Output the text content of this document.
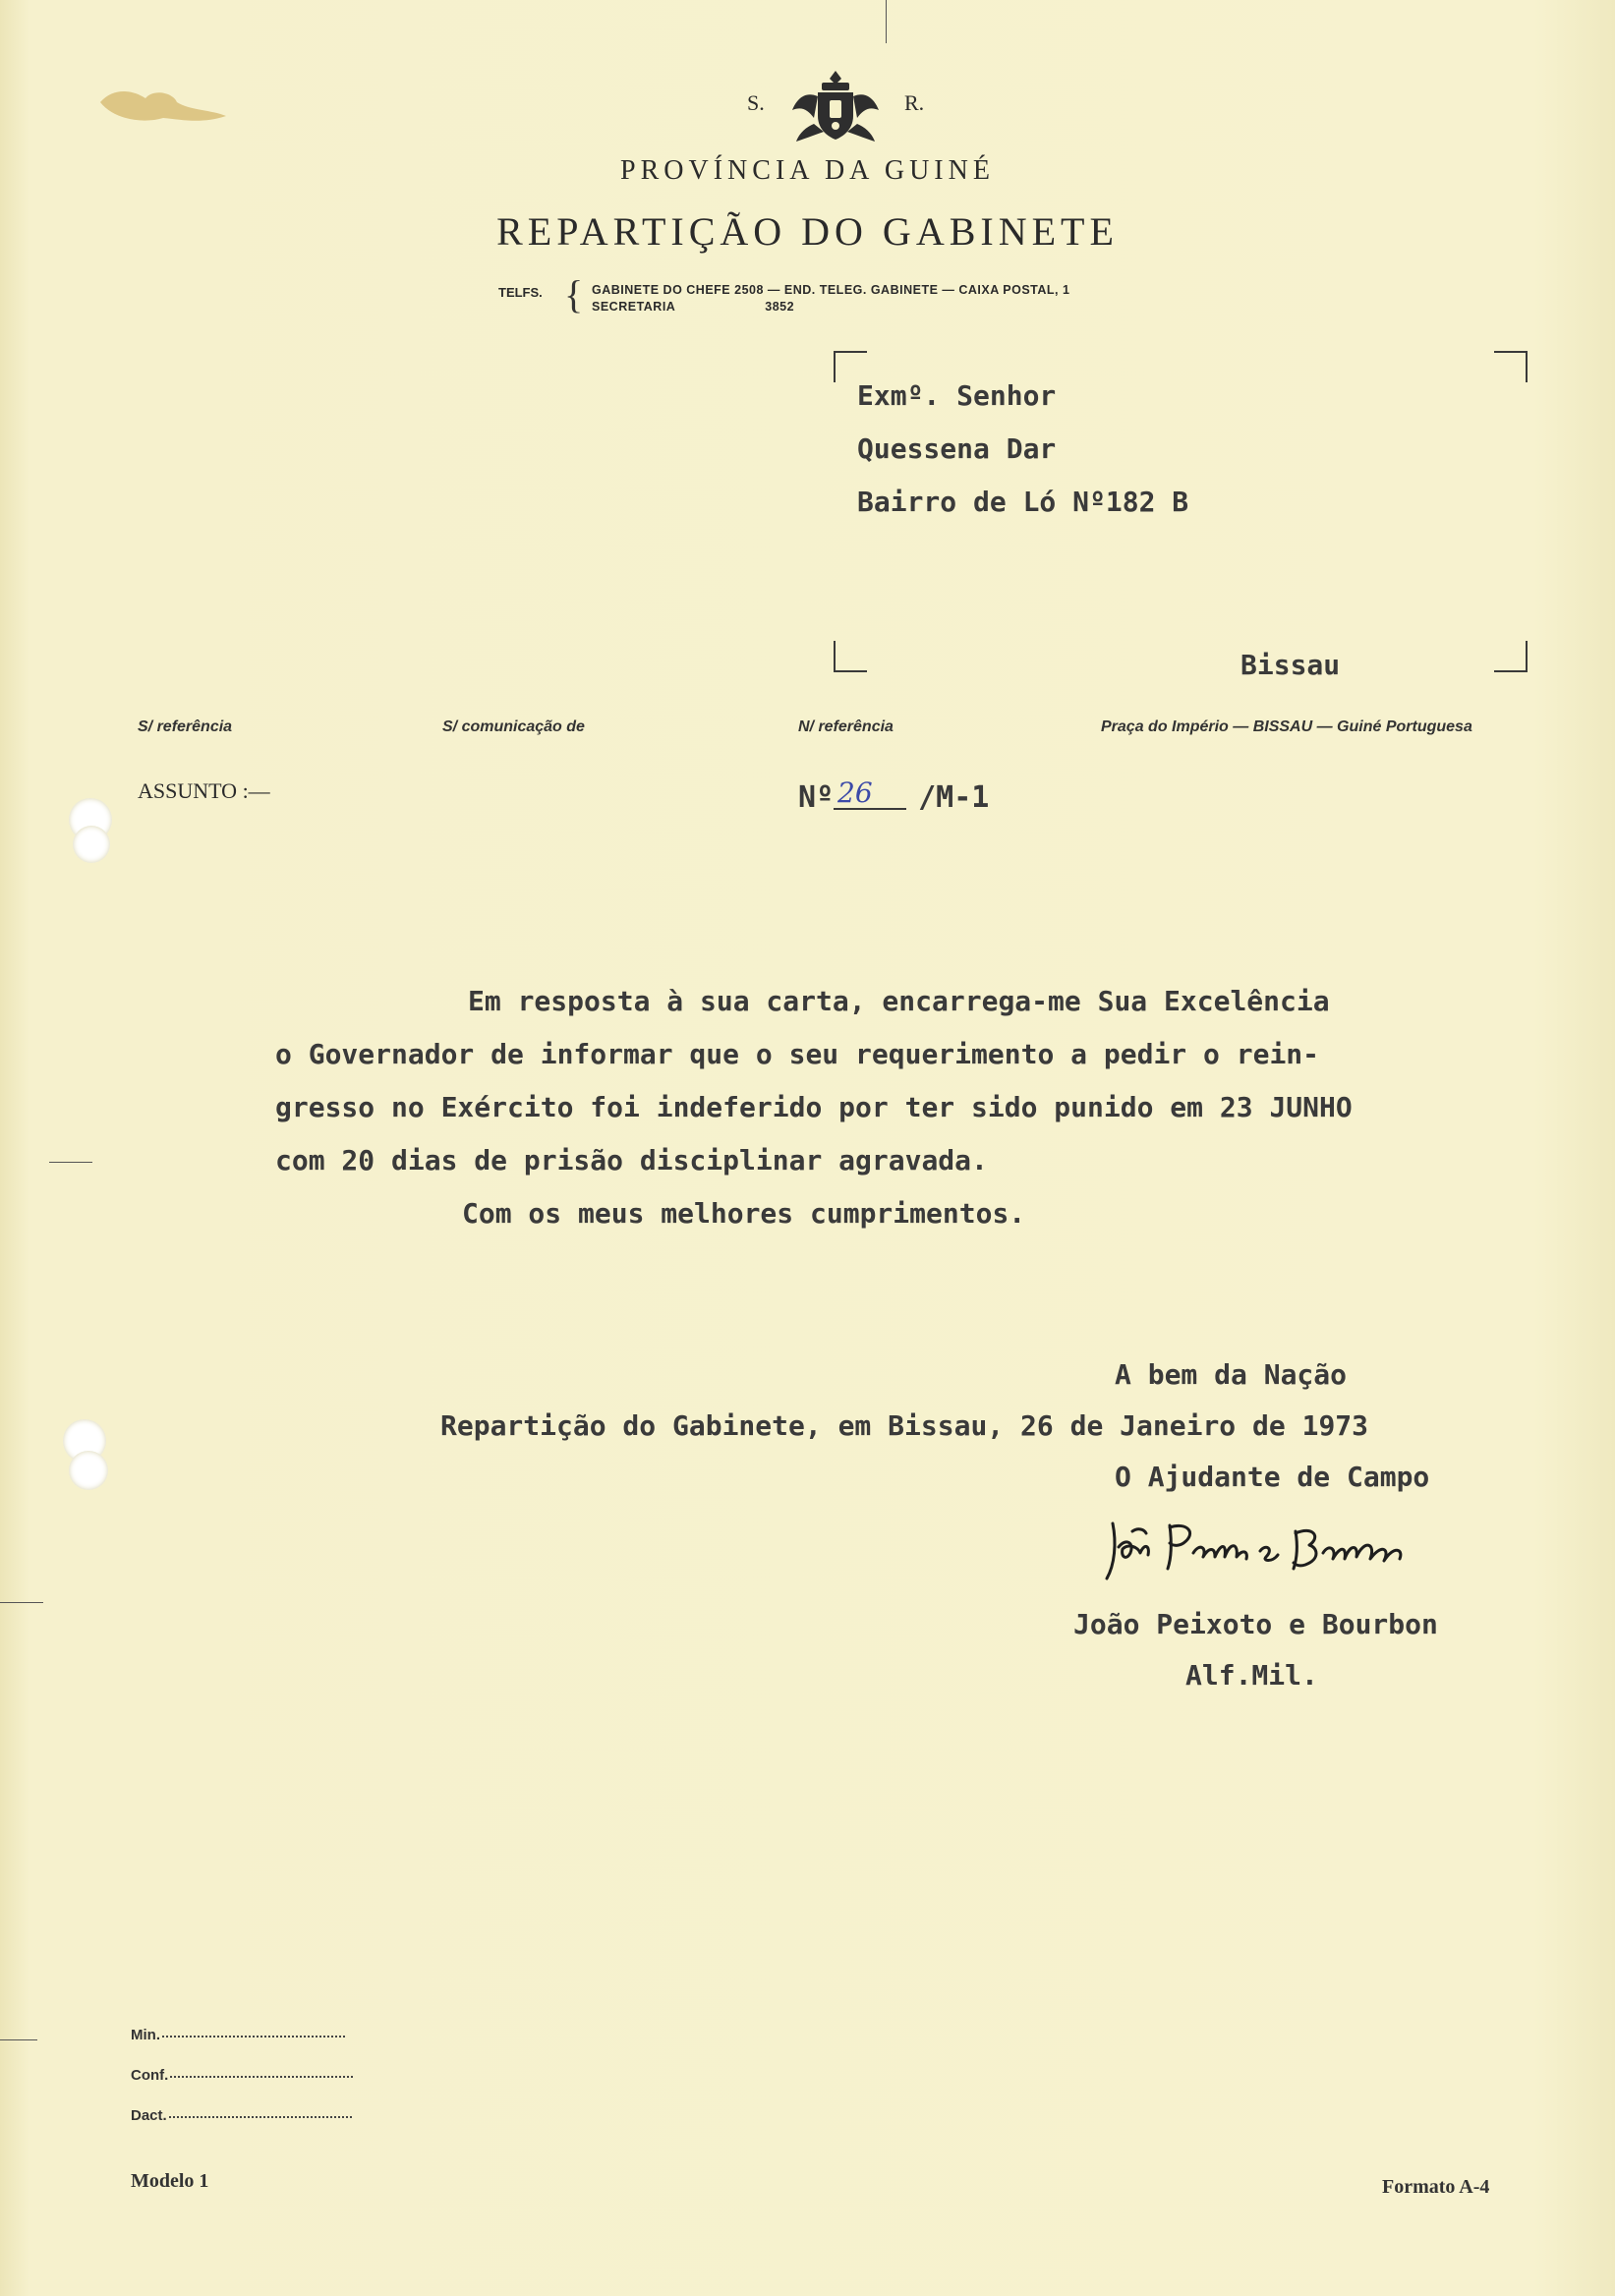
S.	R.
PROVÍNCIA DA GUINÉ
REPARTIÇÃO DO GABINETE
TELFS. { GABINETE DO CHEFE 2508 — END. TELEG. GABINETE — CAIXA POSTAL, 1
SECRETARIA                       3852
Exmº. Senhor
Quessena Dar
Bairro de Ló Nº182 B
Bissau
S/ referência	S/ comunicação de	N/ referência	Praça do Império — BISSAU — Guiné Portuguesa
ASSUNTO :—	Nº	/M-1
26
Em resposta à sua carta, encarrega-me Sua Excelência
o Governador de informar que o seu requerimento a pedir o rein-
gresso no Exército foi indeferido por ter sido punido em 23 JUNHO
com 20 dias de prisão disciplinar agravada.
Com os meus melhores cumprimentos.
A bem da Nação
Repartição do Gabinete, em Bissau, 26 de Janeiro de 1973
O Ajudante de Campo
João Peixoto e Bourbon
Alf.Mil.
Min.
Conf.
Dact.
Modelo 1	Formato A-4
